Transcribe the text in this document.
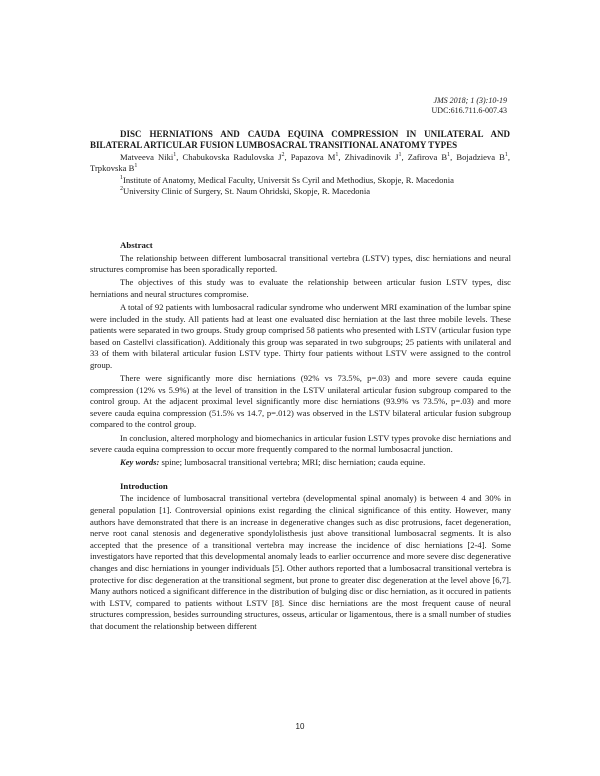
JMS 2018; 1 (3):10-19
UDC:616.711.6-007.43

DISC HERNIATIONS AND CAUDA EQUINA COMPRESSION IN UNILATERAL AND BILATERAL ARTICULAR FUSION LUMBOSACRAL TRANSITIONAL ANATOMY TYPES

Matveeva Niki$^1$, Chabukovska Radulovska $J^2$, Papazova $M^1$, Zhivadinovik $J^1$, Zafirova $B^1$, Bojadzieva $B^1$, Trpkovska $B^1$

$^1$Institute of Anatomy, Medical Faculty, Universit Ss Cyril and Methodius, Skopje, R. Macedonia

$^2$University Clinic of Surgery, St. Naum Ohridski, Skopje, R. Macedonia

Abstract

The relationship between different lumbosacral transitional vertebra (LSTV) types, disc herniations and neural structures compromise has been sporadically reported.

The objectives of this study was to evaluate the relationship between articular fusion LSTV types, disc herniations and neural structures compromise.

A total of 92 patients with lumbosacral radicular syndrome who underwent MRI examination of the lumbar spine were included in the study. All patients had at least one evaluated disc herniation at the last three mobile levels. These patients were separated in two groups. Study group comprised 58 patients who presented with LSTV (articular fusion type based on Castellvi classification). Additionaly this group was separated in two subgroups; 25 patients with unilateral and 33 of them with bilateral articular fusion LSTV type. Thirty four patients without LSTV were assigned to the control group.

There were significantly more disc herniations (92% vs 73.5%, p=.03) and more severe cauda equine compression (12% vs 5.9%) at the level of transition in the LSTV unilateral articular fusion subgroup compared to the control group. At the adjacent proximal level significantly more disc herniations (93.9% vs 73.5%, p=.03) and more severe cauda equina compression (51.5% vs 14.7, p=.012) was observed in the LSTV bilateral articular fusion subgroup compared to the control group.

In conclusion, altered morphology and biomechanics in articular fusion LSTV types provoke disc herniations and severe cauda equina compression to occur more frequently compared to the normal lumbosacral junction.

Key words: spine; lumbosacral transitional vertebra; MRI; disc herniation; cauda equine.

Introduction

The incidence of lumbosacral transitional vertebra (developmental spinal anomaly) is between 4 and 30% in general population [1]. Controversial opinions exist regarding the clinical significance of this entity. However, many authors have demonstrated that there is an increase in degenerative changes such as disc protrusions, facet degeneration, nerve root canal stenosis and degenerative spondylolisthesis just above transitional lumbosacral segments. It is also accepted that the presence of a transitional vertebra may increase the incidence of disc herniations [2-4]. Some investigators have reported that this developmental anomaly leads to earlier occurrence and more severe disc degenerative changes and disc herniations in younger individuals [5]. Other authors reported that a lumbosacral transitional vertebra is protective for disc degeneration at the transitional segment, but prone to greater disc degeneration at the level above [6,7]. Many authors noticed a significant difference in the distribution of bulging disc or disc herniation, as it occured in patients with LSTV, compared to patients without LSTV [8]. Since disc herniations are the most frequent cause of neural structures compression, besides surrounding structures, osseus, articular or ligamentous, there is a small number of studies that document the relationship between different

10
